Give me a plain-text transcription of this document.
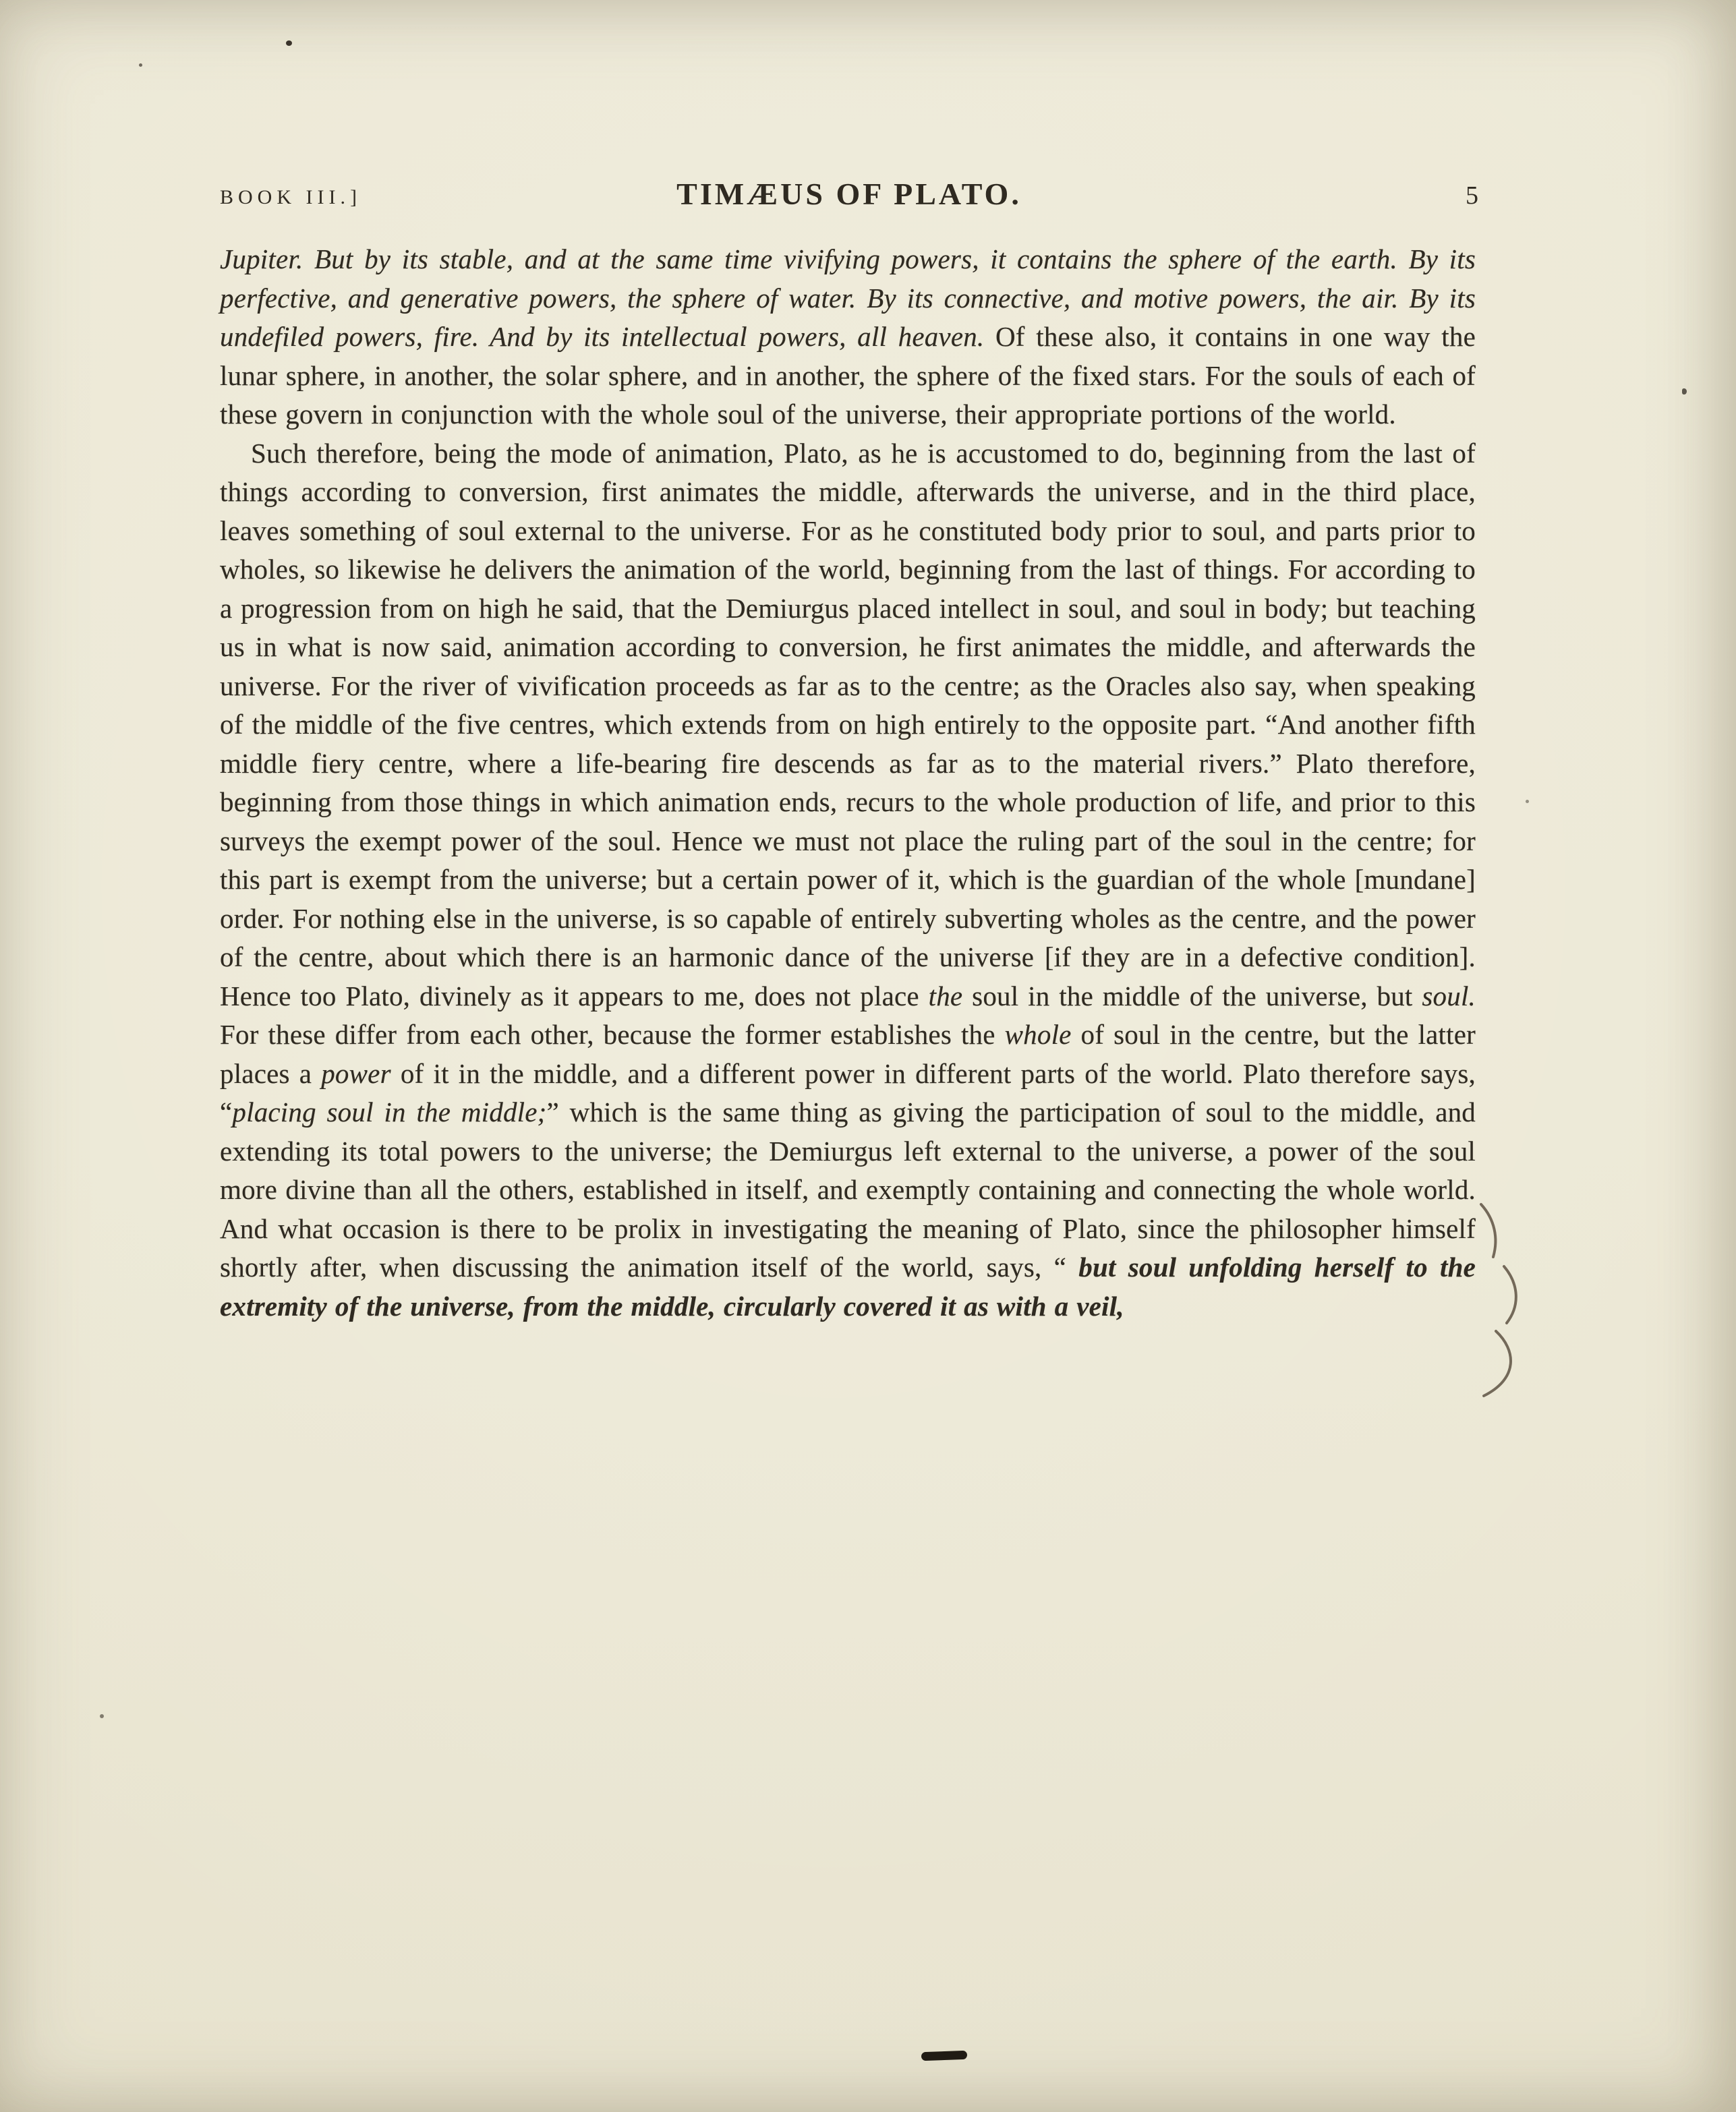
BOOK III.]	TIMÆUS OF PLATO.	5

Jupiter. But by its stable, and at the same time vivifying powers, it contains the sphere of the earth. By its perfective, and generative powers, the sphere of water. By its connective, and motive powers, the air. By its undefiled powers, fire. And by its intellectual powers, all heaven. Of these also, it contains in one way the lunar sphere, in another, the solar sphere, and in another, the sphere of the fixed stars. For the souls of each of these govern in conjunction with the whole soul of the universe, their appropriate portions of the world.

Such therefore, being the mode of animation, Plato, as he is accustomed to do, beginning from the last of things according to conversion, first animates the middle, afterwards the universe, and in the third place, leaves something of soul external to the universe. For as he constituted body prior to soul, and parts prior to wholes, so likewise he delivers the animation of the world, beginning from the last of things. For according to a progression from on high he said, that the Demiurgus placed intellect in soul, and soul in body; but teaching us in what is now said, animation according to conversion, he first animates the middle, and afterwards the universe. For the river of vivification proceeds as far as to the centre; as the Oracles also say, when speaking of the middle of the five centres, which extends from on high entirely to the opposite part. “And another fifth middle fiery centre, where a life-bearing fire descends as far as to the material rivers.” Plato therefore, beginning from those things in which animation ends, recurs to the whole production of life, and prior to this surveys the exempt power of the soul. Hence we must not place the ruling part of the soul in the centre; for this part is exempt from the universe; but a certain power of it, which is the guardian of the whole [mundane] order. For nothing else in the universe, is so capable of entirely subverting wholes as the centre, and the power of the centre, about which there is an harmonic dance of the universe [if they are in a defective condition]. Hence too Plato, divinely as it appears to me, does not place the soul in the middle of the universe, but soul. For these differ from each other, because the former establishes the whole of soul in the centre, but the latter places a power of it in the middle, and a different power in different parts of the world. Plato therefore says, “placing soul in the middle;” which is the same thing as giving the participation of soul to the middle, and extending its total powers to the universe; the Demiurgus left external to the universe, a power of the soul more divine than all the others, established in itself, and exemptly containing and connecting the whole world. And what occasion is there to be prolix in investigating the meaning of Plato, since the philosopher himself shortly after, when discussing the animation itself of the world, says, “ but soul unfolding herself to the extremity of the universe, from the middle, circularly covered it as with a veil,
